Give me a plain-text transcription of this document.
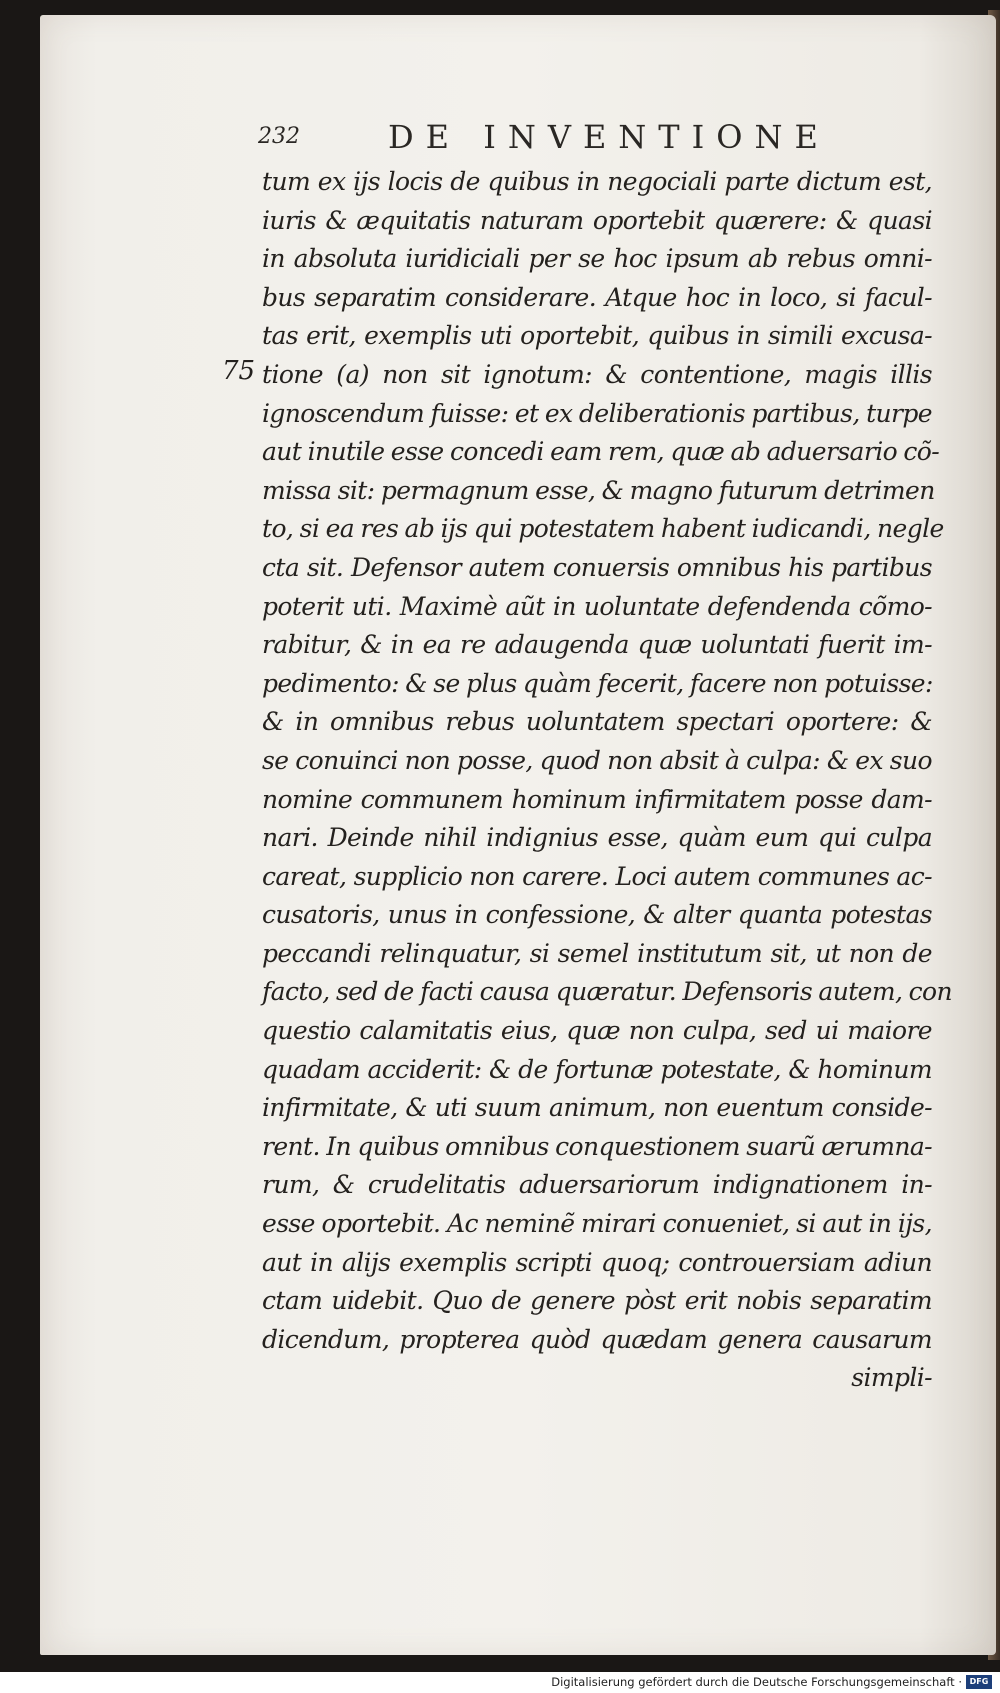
232	DE INVENTIONE
75
tum ex ijs locis de quibus in negociali parte dictum est,
iuris & æquitatis naturam oportebit quærere: & quasi
in absoluta iuridiciali per se hoc ipsum ab rebus omni-
bus separatim considerare. Atque hoc in loco, si facul-
tas erit, exemplis uti oportebit, quibus in simili excusa-
tione (a) non sit ignotum: & contentione, magis illis
ignoscendum fuisse: et ex deliberationis partibus, turpe
aut inutile esse concedi eam rem, quæ ab aduersario cõ-
missa sit: permagnum esse, & magno futurum detrimen
to, si ea res ab ijs qui potestatem habent iudicandi, negle
cta sit. Defensor autem conuersis omnibus his partibus
poterit uti. Maximè aũt in uoluntate defendenda cõmo-
rabitur, & in ea re adaugenda quæ uoluntati fuerit im-
pedimento: & se plus quàm fecerit, facere non potuisse:
& in omnibus rebus uoluntatem spectari oportere: &
se conuinci non posse, quod non absit à culpa: & ex suo
nomine communem hominum infirmitatem posse dam-
nari. Deinde nihil indignius esse, quàm eum qui culpa
careat, supplicio non carere. Loci autem communes ac-
cusatoris, unus in confessione, & alter quanta potestas
peccandi relinquatur, si semel institutum sit, ut non de
facto, sed de facti causa quæratur. Defensoris autem, con
questio calamitatis eius, quæ non culpa, sed ui maiore
quadam acciderit: & de fortunæ potestate, & hominum
infirmitate, & uti suum animum, non euentum conside-
rent. In quibus omnibus conquestionem suarũ ærumna-
rum, & crudelitatis aduersariorum indignationem in-
esse oportebit. Ac neminẽ mirari conueniet, si aut in ijs,
aut in alijs exemplis scripti quoq; controuersiam adiun
ctam uidebit. Quo de genere pòst erit nobis separatim
dicendum, propterea quòd quædam genera causarum
simpli-
Digitalisierung gefördert durch die Deutsche Forschungsgemeinschaft · DFG
